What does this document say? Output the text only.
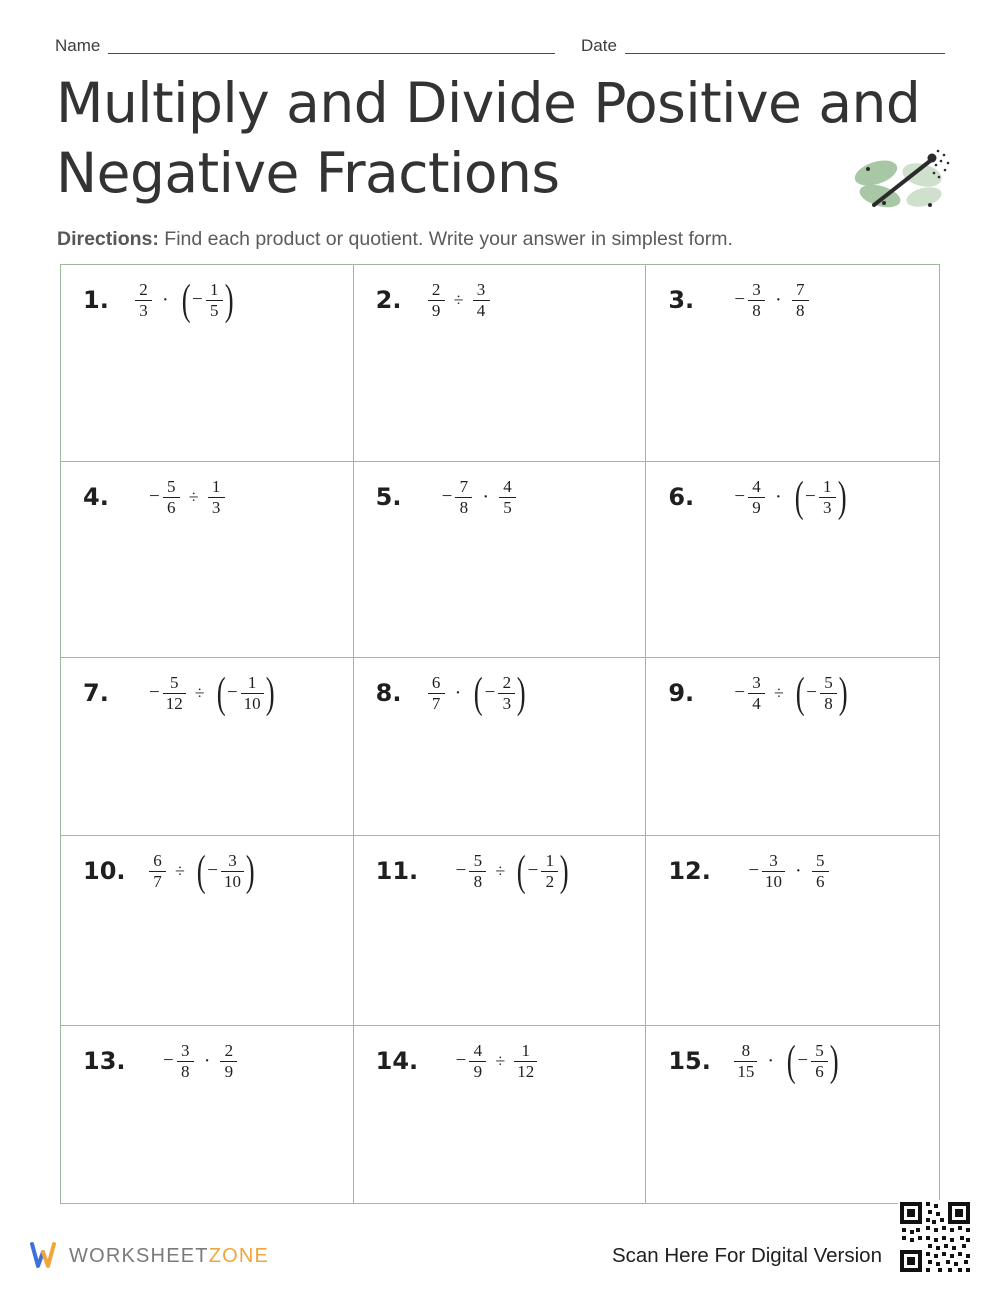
Name	Date
Multiply and Divide Positive and Negative Fractions
Directions: Find each product or quotient. Write your answer in simplest form.
1.	$\frac{2}{3}$ · ( − $\frac{1}{5}$ )	2.	$\frac{2}{9} \div \frac{3}{4}$	3.	− $\frac{3}{8} \cdot \frac{7}{8}$
4.	− $\frac{5}{6} \div \frac{1}{3}$	5.	− $\frac{7}{8} \cdot \frac{4}{5}$	6.	− $\frac{4}{9}$ · ( − $\frac{1}{3}$ )
7.	− $\frac{5}{12}$ ÷ ( − $\frac{1}{10}$ )	8.	$\frac{6}{7}$ · ( − $\frac{2}{3}$ )	9.	− $\frac{3}{4}$ ÷ ( − $\frac{5}{8}$ )
10.	$\frac{6}{7}$ ÷ ( − $\frac{3}{10}$ )	11.	− $\frac{5}{8}$ ÷ ( − $\frac{1}{2}$ )	12.	− $\frac{3}{10} \cdot \frac{5}{6}$
13.	− $\frac{3}{8} \cdot \frac{2}{9}$	14.	− $\frac{4}{9} \div \frac{1}{12}$	15.	$\frac{8}{15}$ · ( − $\frac{5}{6}$ )
WORKSHEETZONE	Scan Here For Digital Version
